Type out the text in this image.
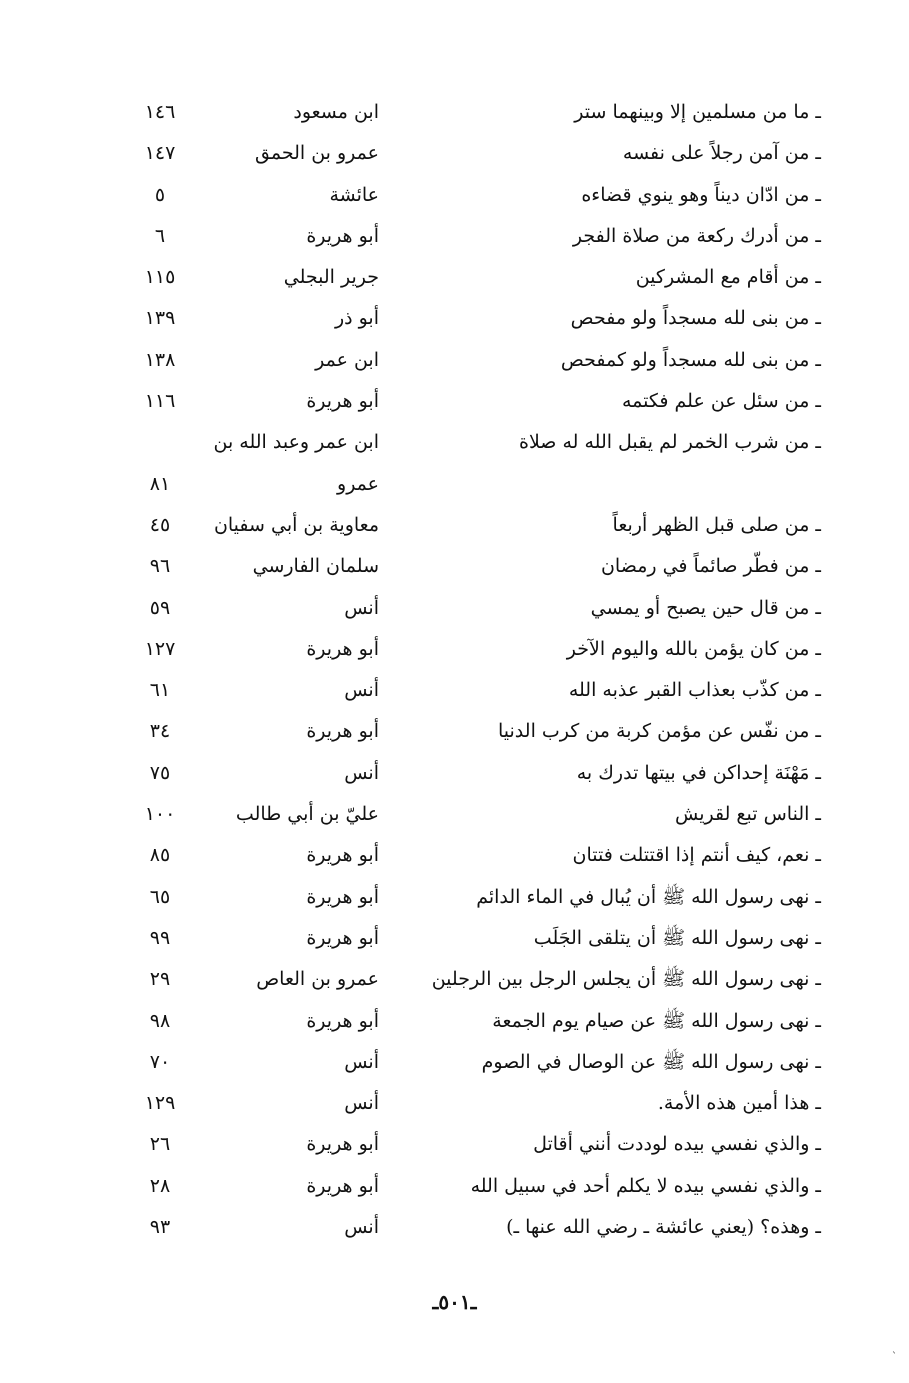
ـ ما من مسلمين إلا وبينهما ستر
ابن مسعود
١٤٦
ـ من آمن رجلاً على نفسه
عمرو بن الحمق
١٤٧
ـ من ادّان ديناً وهو ينوي قضاءه
عائشة
٥
ـ من أدرك ركعة من صلاة الفجر
أبو هريرة
٦
ـ من أقام مع المشركين
جرير البجلي
١١٥
ـ من بنى لله مسجداً ولو مفحص
أبو ذر
١٣٩
ـ من بنى لله مسجداً ولو كمفحص
ابن عمر
١٣٨
ـ من سئل عن علم فكتمه
أبو هريرة
١١٦
ـ من شرب الخمر لم يقبل الله له صلاة
ابن عمر وعبد الله بن
عمرو
٨١
ـ من صلى قبل الظهر أربعاً
معاوية بن أبي سفيان
٤٥
ـ من فطّر صائماً في رمضان
سلمان الفارسي
٩٦
ـ من قال حين يصبح أو يمسي
أنس
٥٩
ـ من كان يؤمن بالله واليوم الآخر
أبو هريرة
١٢٧
ـ من كذّب بعذاب القبر عذبه الله
أنس
٦١
ـ من نفّس عن مؤمن كربة من كرب الدنيا
أبو هريرة
٣٤
ـ مَهْنَة إحداكن في بيتها تدرك به
أنس
٧٥
ـ الناس تبع لقريش
عليّ بن أبي طالب
١٠٠
ـ نعم، كيف أنتم إذا اقتتلت فتتان
أبو هريرة
٨٥
ـ نهى رسول الله ﷺ أن يُبال في الماء الدائم
أبو هريرة
٦٥
ـ نهى رسول الله ﷺ أن يتلقى الجَلَب
أبو هريرة
٩٩
ـ نهى رسول الله ﷺ أن يجلس الرجل بين الرجلين
عمرو بن العاص
٢٩
ـ نهى رسول الله ﷺ عن صيام يوم الجمعة
أبو هريرة
٩٨
ـ نهى رسول الله ﷺ عن الوصال في الصوم
أنس
٧٠
ـ هذا أمين هذه الأمة.
أنس
١٢٩
ـ والذي نفسي بيده لوددت أنني أقاتل
أبو هريرة
٢٦
ـ والذي نفسي بيده لا يكلم أحد في سبيل الله
أبو هريرة
٢٨
ـ وهذه؟ (يعني عائشة ـ رضي الله عنها ـ)
أنس
٩٣
ـ٥٠١ـ
`
